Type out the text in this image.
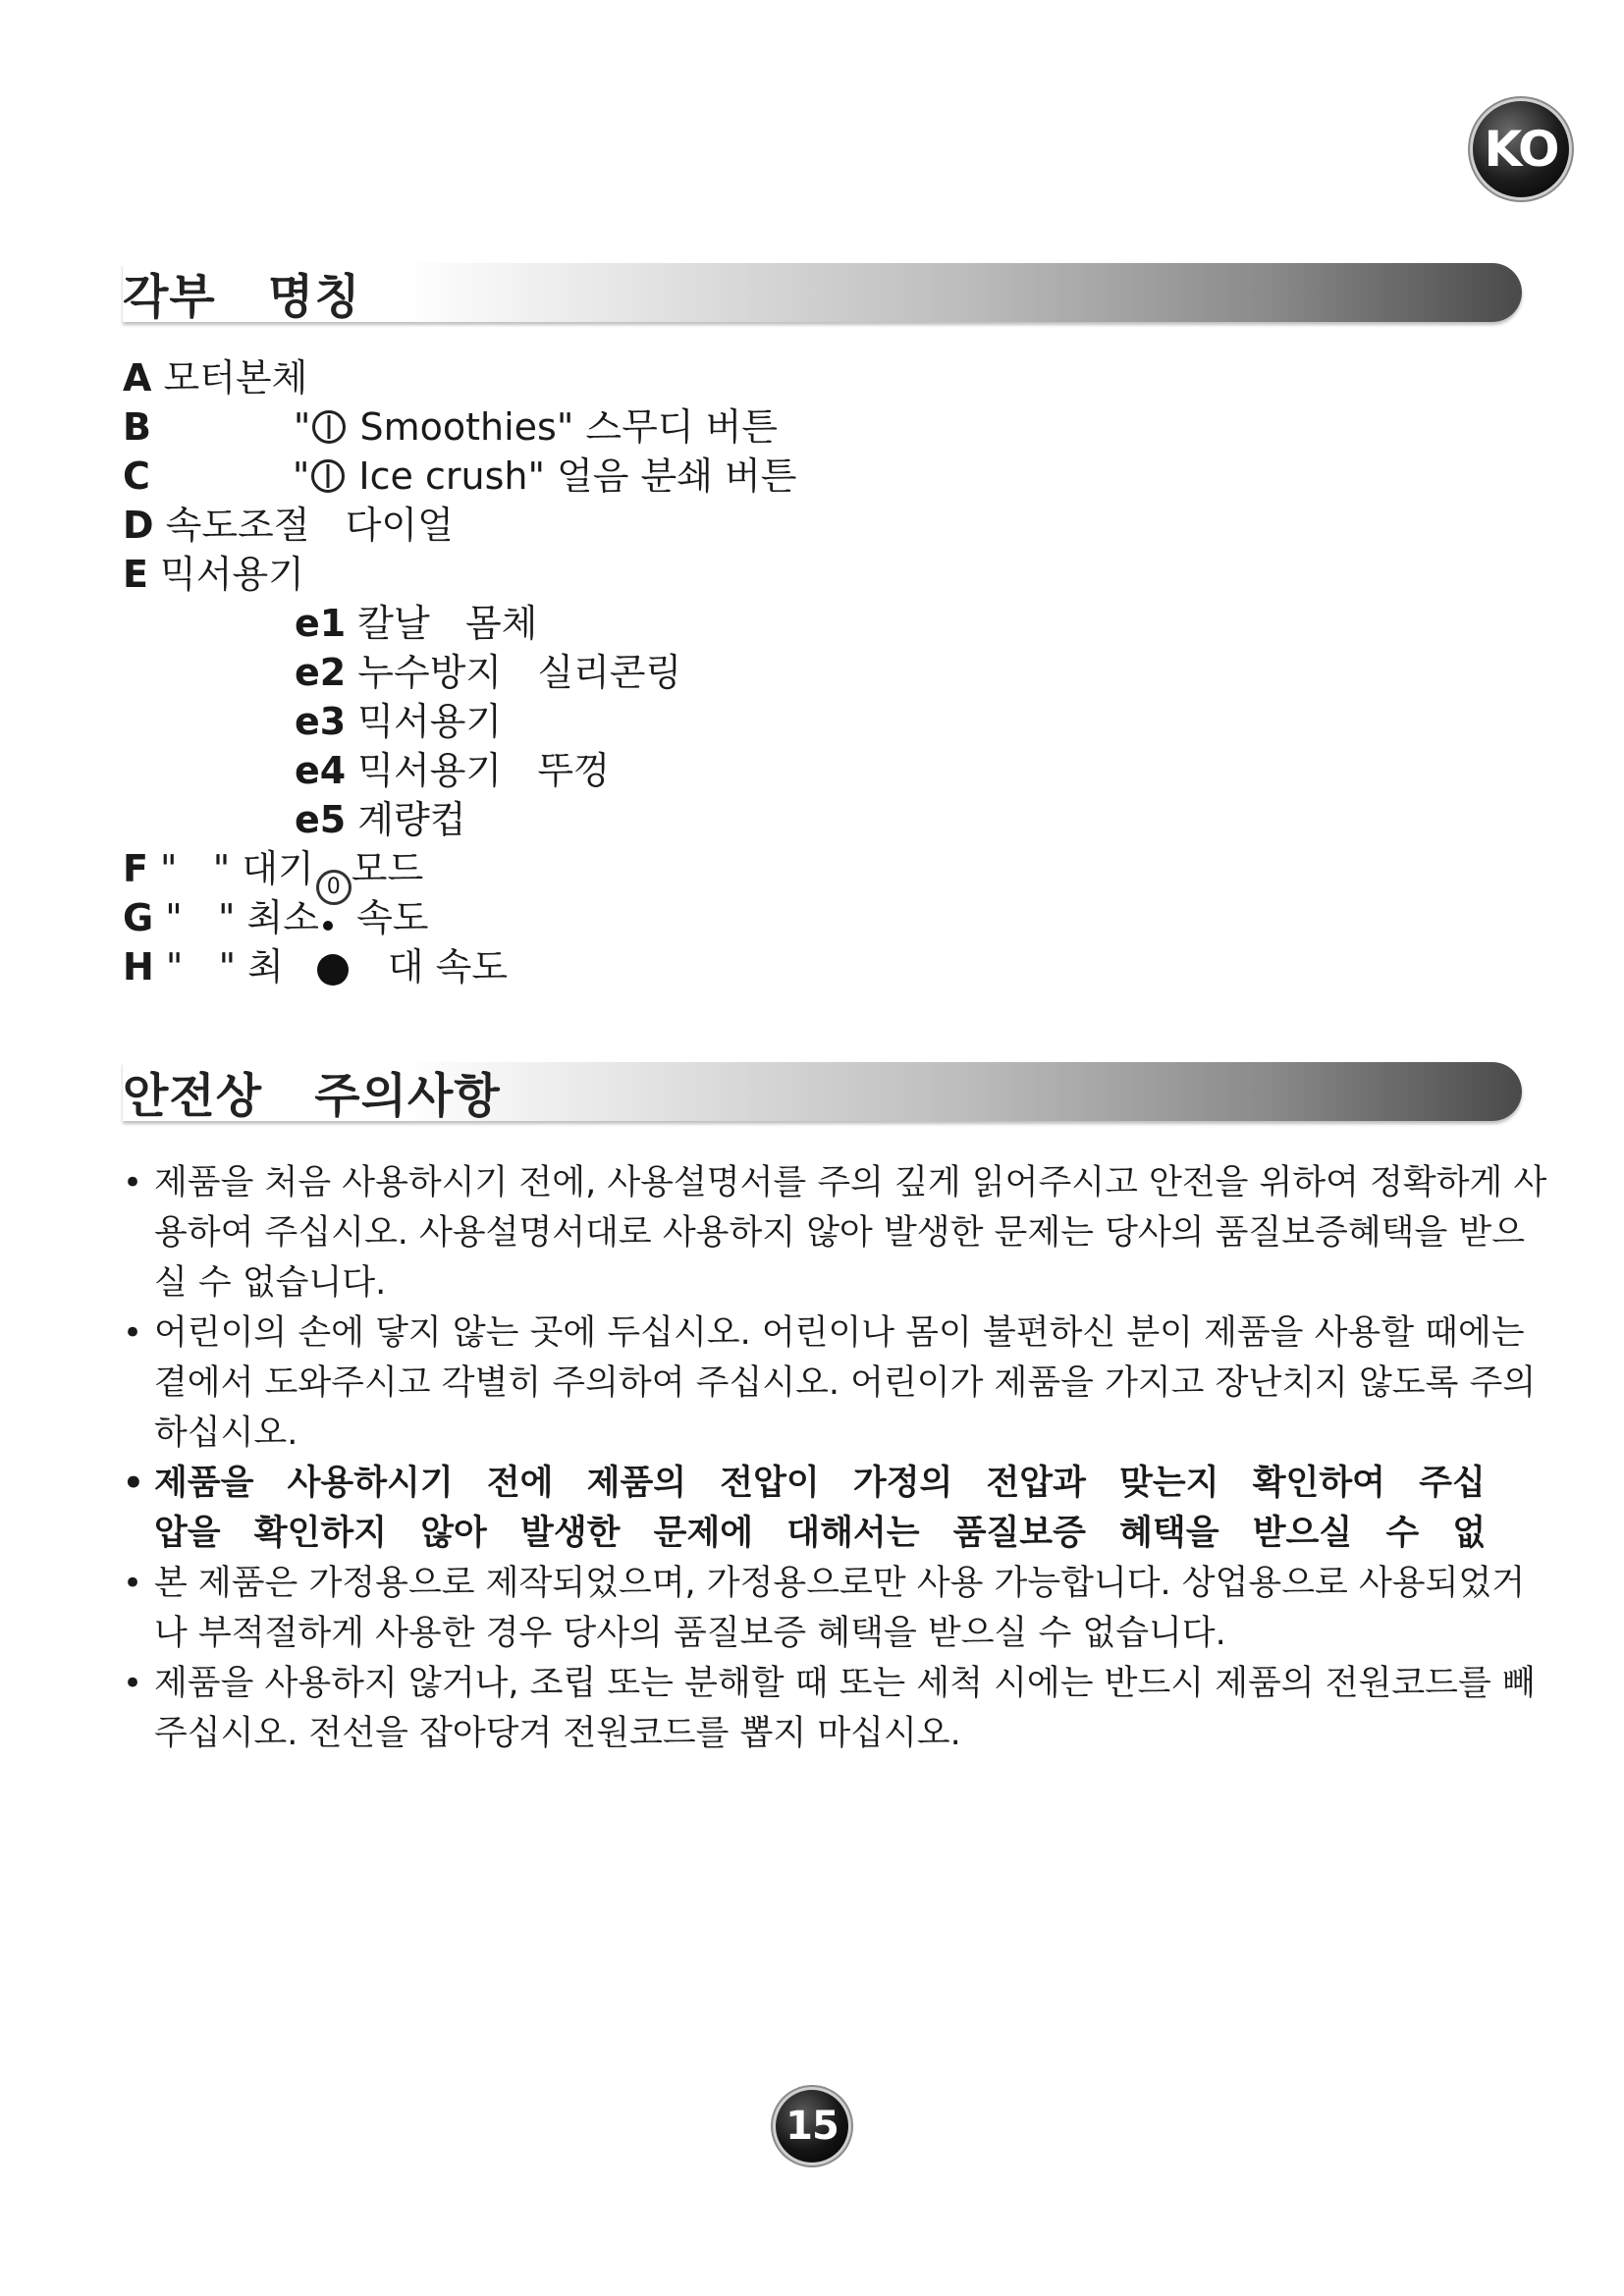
KO
각부   명칭
A 모터본체
B            " Smoothies" 스무디 버튼
C            " Ice crush" 얼음 분쇄 버튼
D 속도조절   다이얼
E 믹서용기
e1 칼날   몸체
e2 누수방지   실리콘링
e3 믹서용기
e4 믹서용기   뚜껑
e5 계량컵
F "   " 대기 0 모드
G "   " 최소 속도
H "   " 최	대 속도
안전상   주의사항
• 제품을 처음 사용하시기 전에, 사용설명서를 주의 깊게 읽어주시고 안전을 위하여 정확하게 사용하여 주십시오. 사용설명서대로 사용하지 않아 발생한 문제는 당사의 품질보증혜택을 받으실 수 없습니다.
• 어린이의 손에 닿지 않는 곳에 두십시오. 어린이나 몸이 불편하신 분이 제품을 사용할 때에는 곁에서 도와주시고 각별히 주의하여 주십시오. 어린이가 제품을 가지고 장난치지 않도록 주의하십시오.
• 제품을 사용하시기 전에 제품의 전압이 가정의 전압과 맞는지 확인하여 주십
압을 확인하지 않아 발생한 문제에 대해서는 품질보증 혜택을 받으실 수 없
• 본 제품은 가정용으로 제작되었으며, 가정용으로만 사용 가능합니다. 상업용으로 사용되었거나 부적절하게 사용한 경우 당사의 품질보증 혜택을 받으실 수 없습니다.
• 제품을 사용하지 않거나, 조립 또는 분해할 때 또는 세척 시에는 반드시 제품의 전원코드를 빼주십시오. 전선을 잡아당겨 전원코드를 뽑지 마십시오.
15
